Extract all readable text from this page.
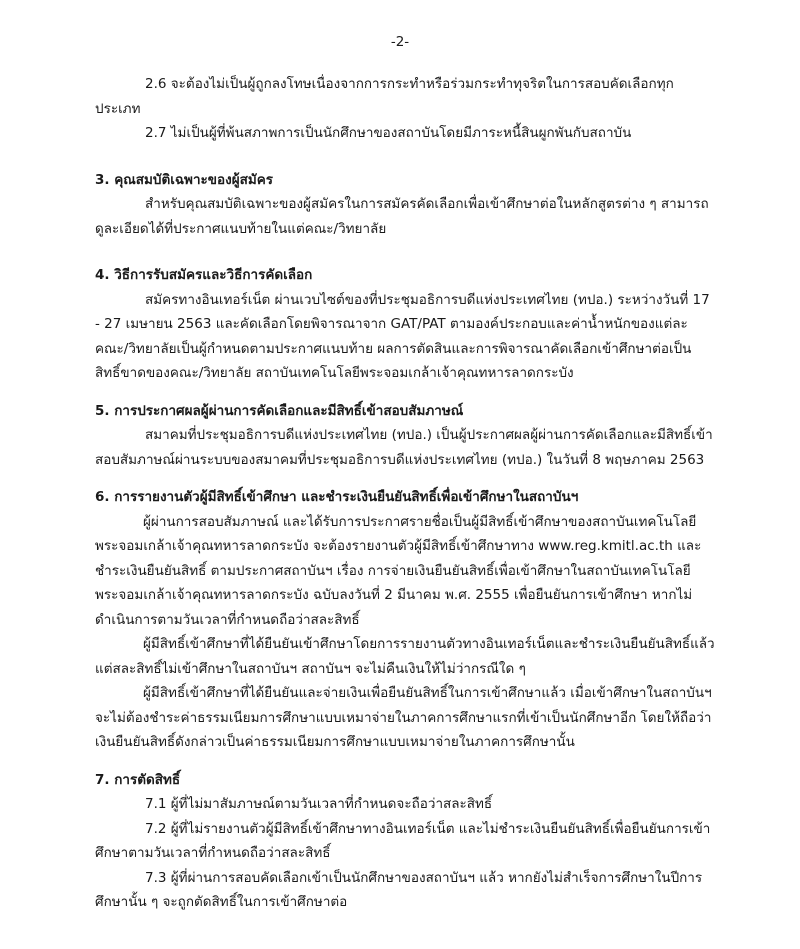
-2-

2.6 จะต้องไม่เป็นผู้ถูกลงโทษเนื่องจากการกระทำหรือร่วมกระทำทุจริตในการสอบคัดเลือกทุกประเภท

2.7 ไม่เป็นผู้ที่พ้นสภาพการเป็นนักศึกษาของสถาบันโดยมีภาระหนี้สินผูกพันกับสถาบัน

3. คุณสมบัติเฉพาะของผู้สมัคร

สำหรับคุณสมบัติเฉพาะของผู้สมัครในการสมัครคัดเลือกเพื่อเข้าศึกษาต่อในหลักสูตรต่าง ๆ สามารถดูละเอียดได้ที่ประกาศแนบท้ายในแต่คณะ/วิทยาลัย

4. วิธีการรับสมัครและวิธีการคัดเลือก

สมัครทางอินเทอร์เน็ต ผ่านเวบไซต์ของที่ประชุมอธิการบดีแห่งประเทศไทย (ทปอ.) ระหว่างวันที่ 17 - 27 เมษายน 2563 และคัดเลือกโดยพิจารณาจาก GAT/PAT ตามองค์ประกอบและค่าน้ำหนักของแต่ละคณะ/วิทยาลัยเป็นผู้กำหนดตามประกาศแนบท้าย ผลการตัดสินและการพิจารณาคัดเลือกเข้าศึกษาต่อเป็นสิทธิ์ขาดของคณะ/วิทยาลัย สถาบันเทคโนโลยีพระจอมเกล้าเจ้าคุณทหารลาดกระบัง

5. การประกาศผลผู้ผ่านการคัดเลือกและมีสิทธิ์เข้าสอบสัมภาษณ์

สมาคมที่ประชุมอธิการบดีแห่งประเทศไทย (ทปอ.) เป็นผู้ประกาศผลผู้ผ่านการคัดเลือกและมีสิทธิ์เข้าสอบสัมภาษณ์ผ่านระบบของสมาคมที่ประชุมอธิการบดีแห่งประเทศไทย (ทปอ.) ในวันที่ 8 พฤษภาคม 2563

6. การรายงานตัวผู้มีสิทธิ์เข้าศึกษา และชำระเงินยืนยันสิทธิ์เพื่อเข้าศึกษาในสถาบันฯ

ผู้ผ่านการสอบสัมภาษณ์ และได้รับการประกาศรายชื่อเป็นผู้มีสิทธิ์เข้าศึกษาของสถาบันเทคโนโลยีพระจอมเกล้าเจ้าคุณทหารลาดกระบัง จะต้องรายงานตัวผู้มีสิทธิ์เข้าศึกษาทาง www.reg.kmitl.ac.th และชำระเงินยืนยันสิทธิ์ ตามประกาศสถาบันฯ เรื่อง การจ่ายเงินยืนยันสิทธิ์เพื่อเข้าศึกษาในสถาบันเทคโนโลยีพระจอมเกล้าเจ้าคุณทหารลาดกระบัง ฉบับลงวันที่ 2 มีนาคม พ.ศ. 2555 เพื่อยืนยันการเข้าศึกษา หากไม่ดำเนินการตามวันเวลาที่กำหนดถือว่าสละสิทธิ์

ผู้มีสิทธิ์เข้าศึกษาที่ได้ยืนยันเข้าศึกษาโดยการรายงานตัวทางอินเทอร์เน็ตและชำระเงินยืนยันสิทธิ์แล้ว แต่สละสิทธิ์ไม่เข้าศึกษาในสถาบันฯ สถาบันฯ จะไม่คืนเงินให้ไม่ว่ากรณีใด ๆ

ผู้มีสิทธิ์เข้าศึกษาที่ได้ยืนยันและจ่ายเงินเพื่อยืนยันสิทธิ์ในการเข้าศึกษาแล้ว เมื่อเข้าศึกษาในสถาบันฯ จะไม่ต้องชำระค่าธรรมเนียมการศึกษาแบบเหมาจ่ายในภาคการศึกษาแรกที่เข้าเป็นนักศึกษาอีก โดยให้ถือว่าเงินยืนยันสิทธิ์ดังกล่าวเป็นค่าธรรมเนียมการศึกษาแบบเหมาจ่ายในภาคการศึกษานั้น

7. การตัดสิทธิ์

7.1 ผู้ที่ไม่มาสัมภาษณ์ตามวันเวลาที่กำหนดจะถือว่าสละสิทธิ์

7.2 ผู้ที่ไม่รายงานตัวผู้มีสิทธิ์เข้าศึกษาทางอินเทอร์เน็ต และไม่ชำระเงินยืนยันสิทธิ์เพื่อยืนยันการเข้าศึกษาตามวันเวลาที่กำหนดถือว่าสละสิทธิ์

7.3 ผู้ที่ผ่านการสอบคัดเลือกเข้าเป็นนักศึกษาของสถาบันฯ แล้ว หากยังไม่สำเร็จการศึกษาในปีการศึกษานั้น ๆ จะถูกตัดสิทธิ์ในการเข้าศึกษาต่อ
